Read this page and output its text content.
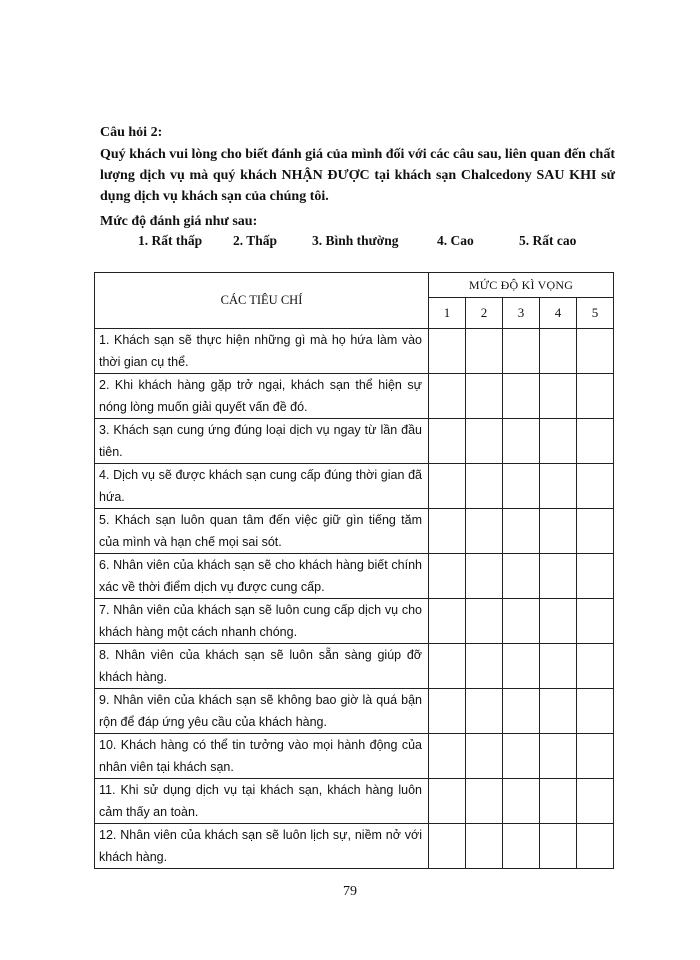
Câu hỏi 2:
Quý khách vui lòng cho biết đánh giá của mình đối với các câu sau, liên quan đến chất lượng dịch vụ mà quý khách NHẬN ĐƯỢC tại khách sạn Chalcedony SAU KHI sử dụng dịch vụ khách sạn của chúng tôi.
Mức độ đánh giá như sau:
1. Rất thấp 2. Thấp	3. Bình thường	4. Cao	5. Rất cao
CÁC TIÊU CHÍ	MỨC ĐỘ KÌ VỌNG				
	1	2	3	4	5
1. Khách sạn sẽ thực hiện những gì mà họ hứa làm vào thời gian cụ thể.					
2. Khi khách hàng gặp trở ngại, khách sạn thể hiện sự nóng lòng muốn giải quyết vấn đề đó.					
3. Khách sạn cung ứng đúng loại dịch vụ ngay từ lần đầu tiên.					
4. Dịch vụ sẽ được khách sạn cung cấp đúng thời gian đã hứa.					
5. Khách sạn luôn quan tâm đến việc giữ gìn tiếng tăm của mình và hạn chế mọi sai sót.					
6. Nhân viên của khách sạn sẽ cho khách hàng biết chính xác về thời điểm dịch vụ được cung cấp.					
7. Nhân viên của khách sạn sẽ luôn cung cấp dịch vụ cho khách hàng một cách nhanh chóng.					
8. Nhân viên của khách sạn sẽ luôn sẵn sàng giúp đỡ khách hàng.					
9. Nhân viên của khách sạn sẽ không bao giờ là quá bận rộn để đáp ứng yêu cầu của khách hàng.					
10. Khách hàng có thể tin tưởng vào mọi hành động của nhân viên tại khách sạn.					
11. Khi sử dụng dịch vụ tại khách sạn, khách hàng luôn cảm thấy an toàn.					
12. Nhân viên của khách sạn sẽ luôn lịch sự, niềm nở với khách hàng.					
79
